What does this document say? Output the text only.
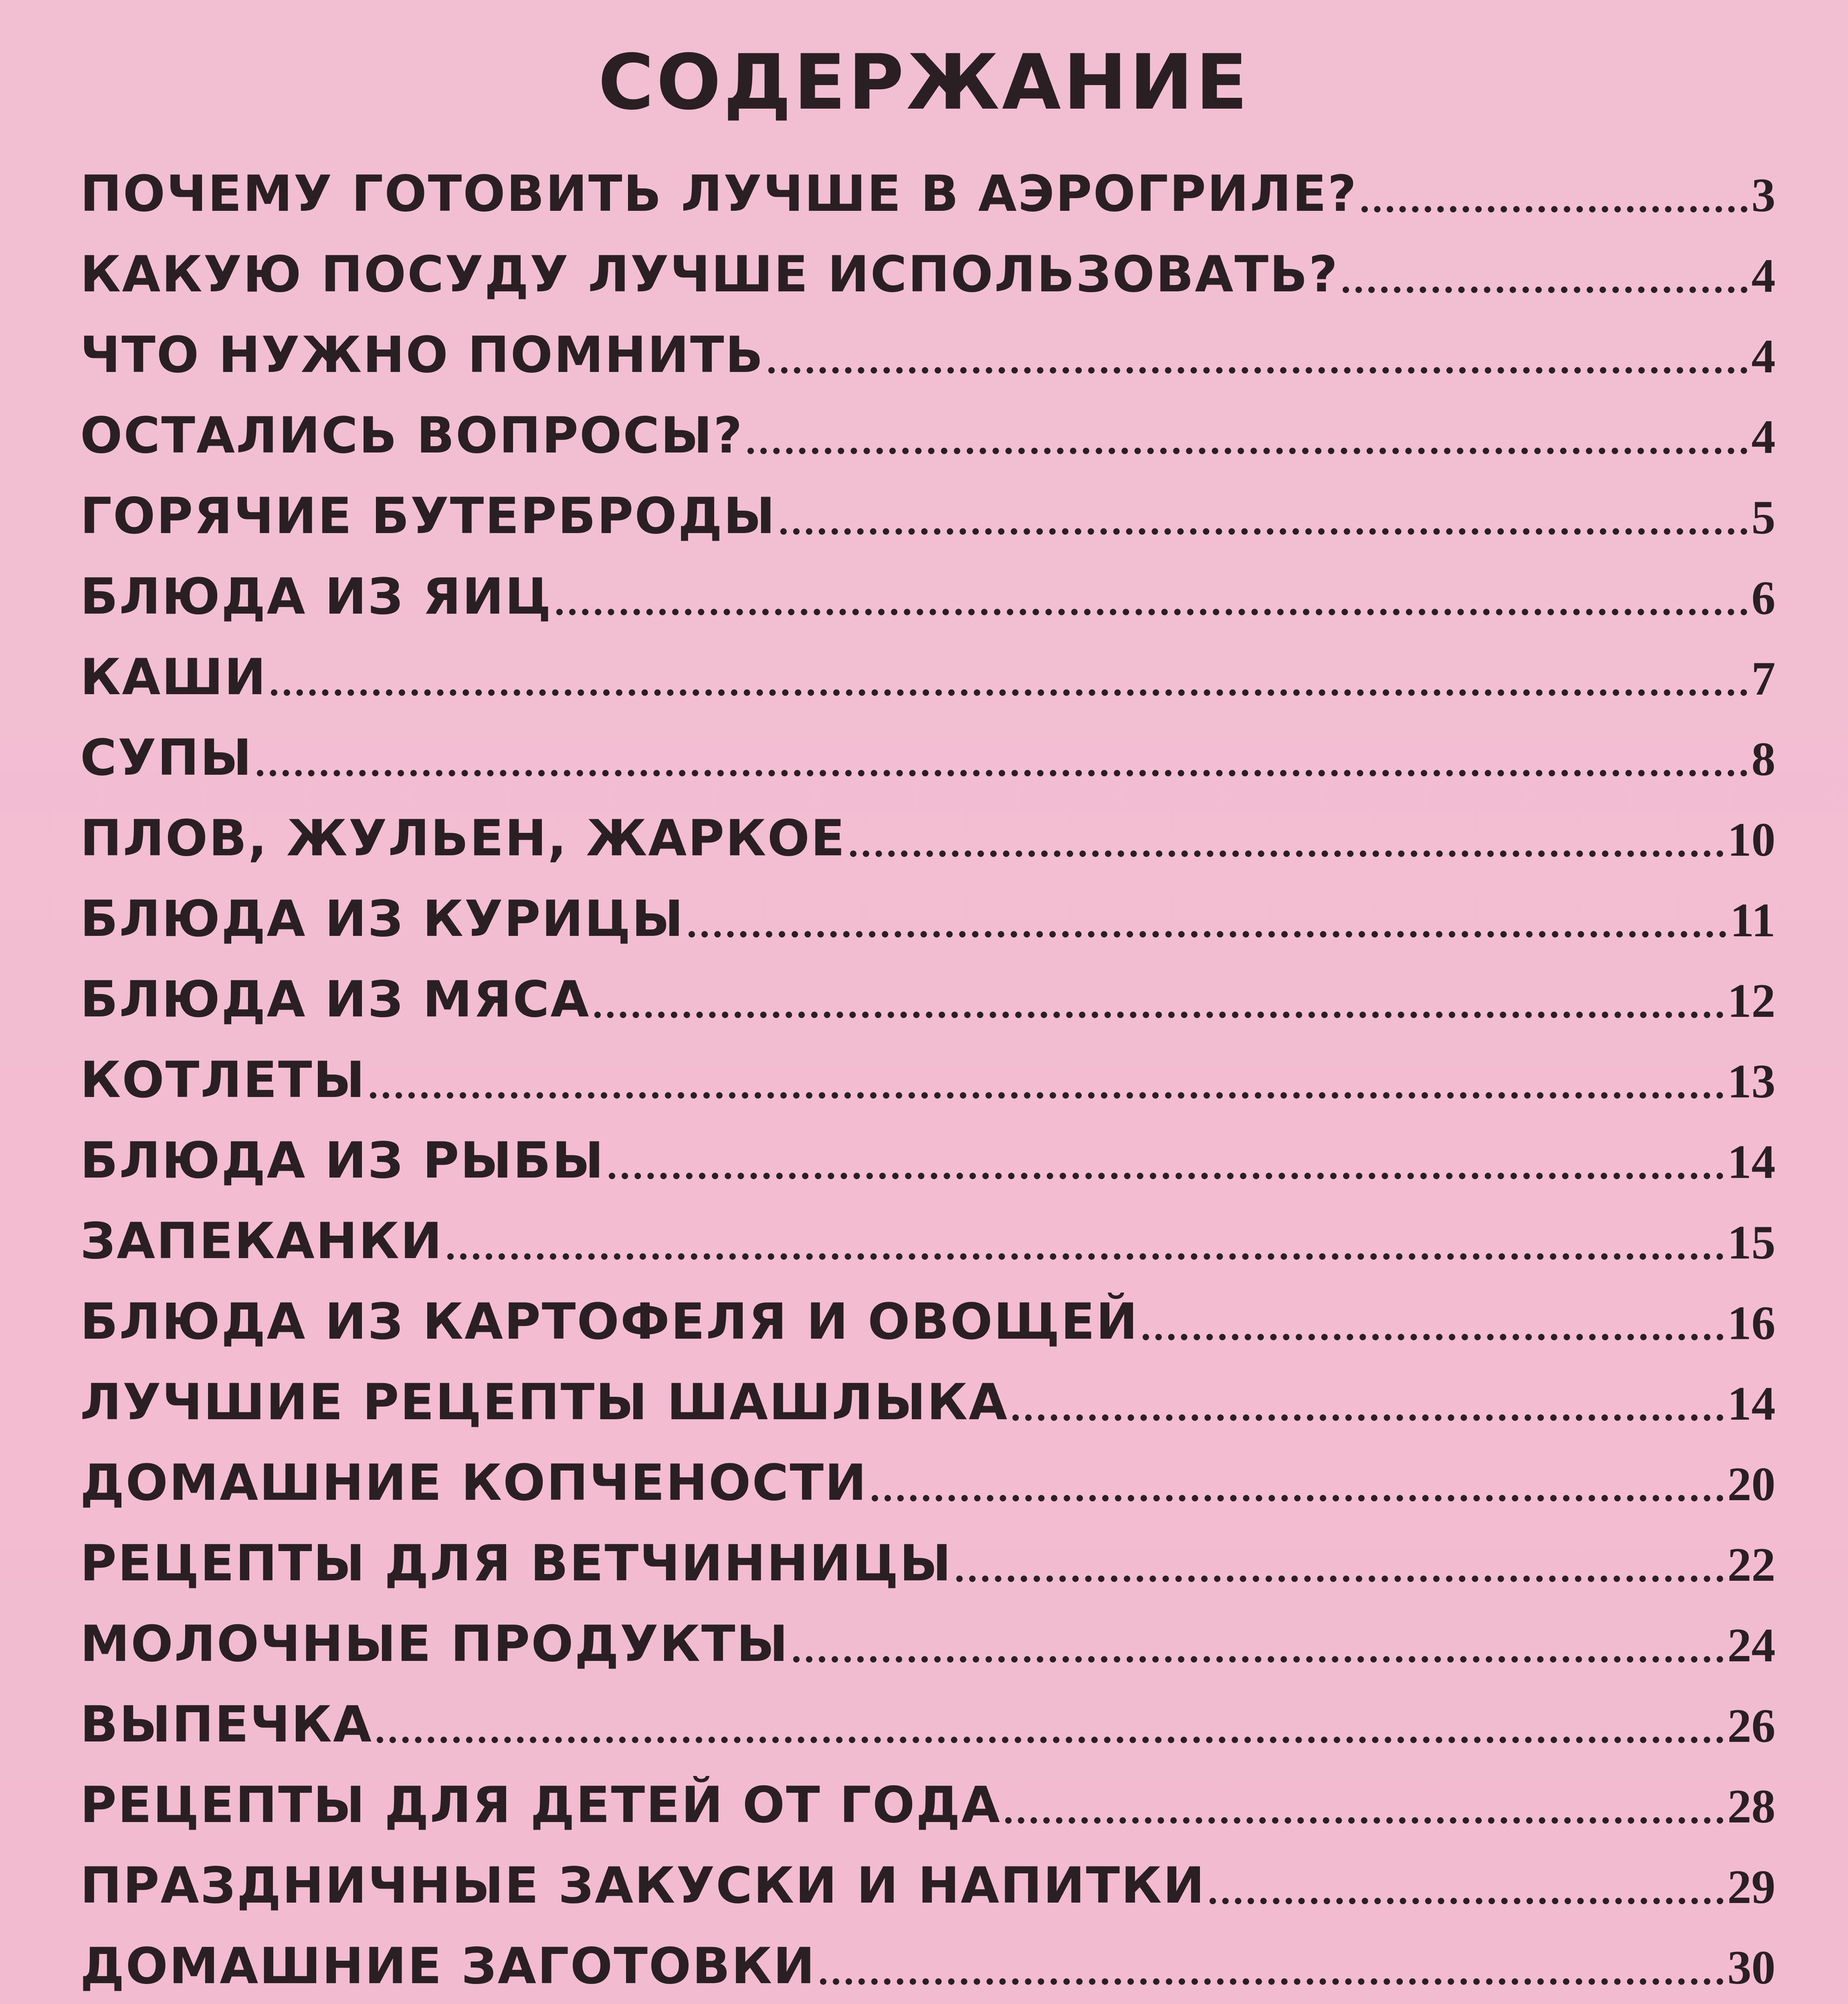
СОДЕРЖАНИЕ
ПОЧЕМУ ГОТОВИТЬ ЛУЧШЕ В АЭРОГРИЛЕ?	3
КАКУЮ ПОСУДУ ЛУЧШЕ ИСПОЛЬЗОВАТЬ?	4
ЧТО НУЖНО ПОМНИТЬ	4
ОСТАЛИСЬ ВОПРОСЫ?	4
ГОРЯЧИЕ БУТЕРБРОДЫ	5
БЛЮДА ИЗ ЯИЦ	6
КАШИ	7
СУПЫ	8
ПЛОВ, ЖУЛЬЕН, ЖАРКОЕ	10
БЛЮДА ИЗ КУРИЦЫ	11
БЛЮДА ИЗ МЯСА	12
КОТЛЕТЫ	13
БЛЮДА ИЗ РЫБЫ	14
ЗАПЕКАНКИ	15
БЛЮДА ИЗ КАРТОФЕЛЯ И ОВОЩЕЙ	16
ЛУЧШИЕ РЕЦЕПТЫ ШАШЛЫКА	14
ДОМАШНИЕ КОПЧЕНОСТИ	20
РЕЦЕПТЫ ДЛЯ ВЕТЧИННИЦЫ	22
МОЛОЧНЫЕ ПРОДУКТЫ	24
ВЫПЕЧКА	26
РЕЦЕПТЫ ДЛЯ ДЕТЕЙ ОТ ГОДА	28
ПРАЗДНИЧНЫЕ ЗАКУСКИ И НАПИТКИ	29
ДОМАШНИЕ ЗАГОТОВКИ	30
